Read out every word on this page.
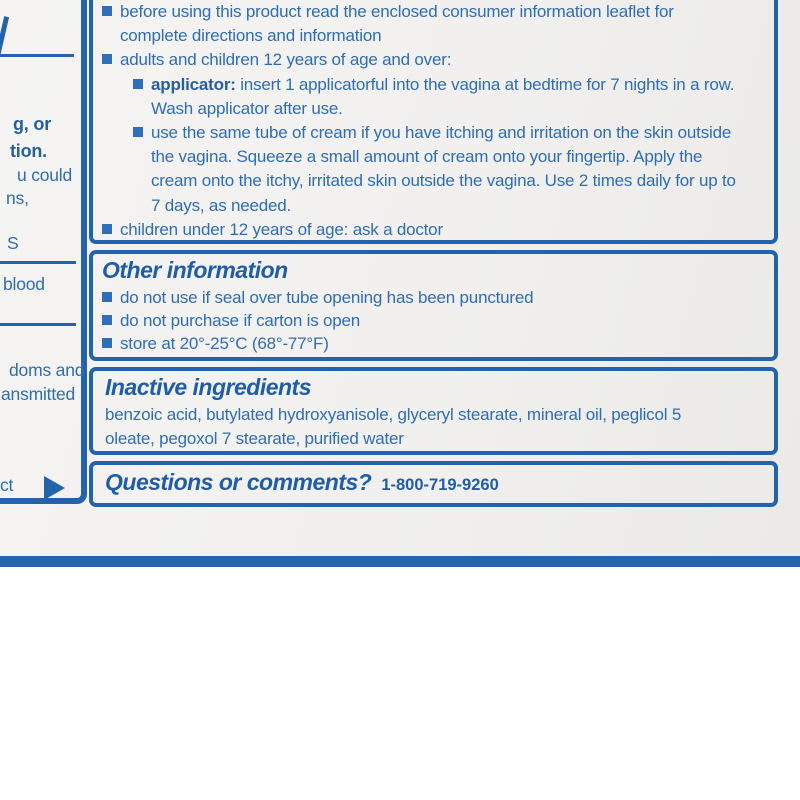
g, or
tion.
u could
ns,
S
blood
doms and
ansmitted
ct
before using this product read the enclosed consumer information leaflet for
complete directions and information
adults and children 12 years of age and over:
applicator: insert 1 applicatorful into the vagina at bedtime for 7 nights in a row.
Wash applicator after use.
use the same tube of cream if you have itching and irritation on the skin outside
the vagina. Squeeze a small amount of cream onto your fingertip. Apply the
cream onto the itchy, irritated skin outside the vagina. Use 2 times daily for up to
7 days, as needed.
children under 12 years of age: ask a doctor
Other information
do not use if seal over tube opening has been punctured
do not purchase if carton is open
store at 20°-25°C (68°-77°F)
Inactive ingredients
benzoic acid, butylated hydroxyanisole, glyceryl stearate, mineral oil, peglicol 5
oleate, pegoxol 7 stearate, purified water
Questions or comments? 1-800-719-9260
